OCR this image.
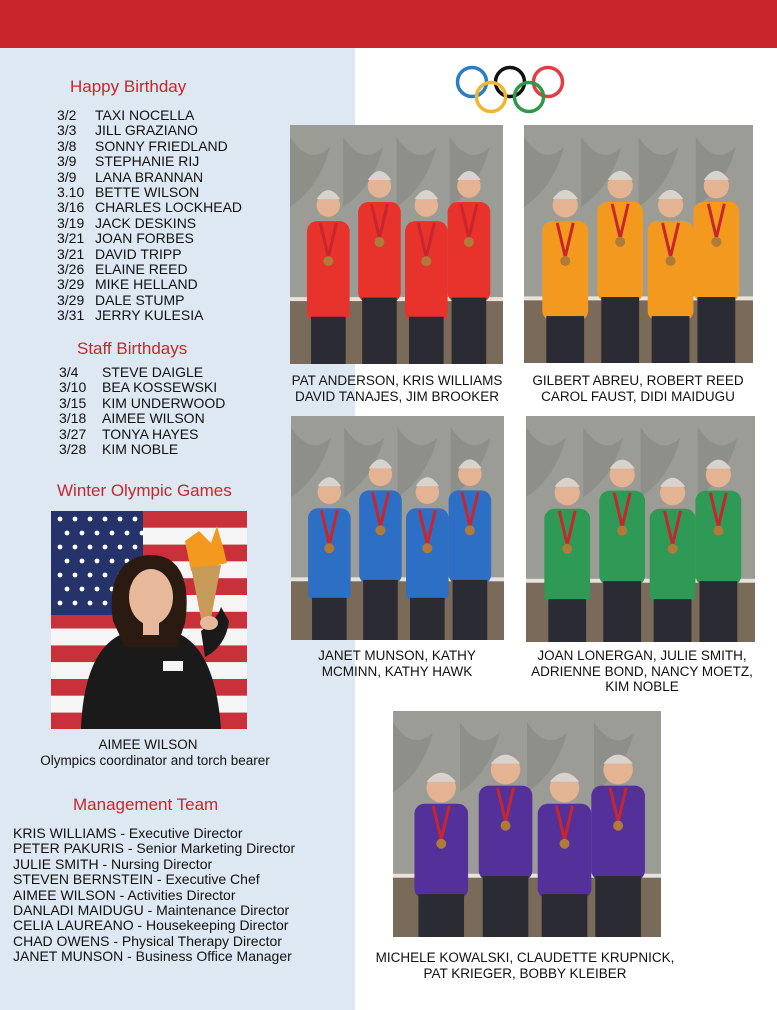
Happy Birthday
3/2	TAXI NOCELLA
3/3	JILL GRAZIANO
3/8	SONNY FRIEDLAND
3/9	STEPHANIE RIJ
3/9	LANA BRANNAN
3.10 BETTE WILSON
3/16 CHARLES LOCKHEAD
3/19 JACK DESKINS
3/21 JOAN FORBES
3/21 DAVID TRIPP
3/26 ELAINE REED
3/29 MIKE HELLAND
3/29 DALE STUMP
3/31 JERRY KULESIA
Staff Birthdays
3/4	STEVE DAIGLE
3/10	BEA KOSSEWSKI
3/15	KIM UNDERWOOD
3/18	AIMEE WILSON
3/27	TONYA HAYES
3/28	KIM NOBLE
Winter Olympic Games
AIMEE WILSON
Olympics coordinator and torch bearer
Management Team
KRIS WILLIAMS - Executive Director
PETER PAKURIS - Senior Marketing Director
JULIE SMITH - Nursing Director
STEVEN BERNSTEIN - Executive Chef
AIMEE WILSON - Activities Director
DANLADI MAIDUGU - Maintenance Director
CELIA LAUREANO - Housekeeping Director
CHAD OWENS - Physical Therapy Director
JANET MUNSON - Business Office Manager
PAT ANDERSON, KRIS WILLIAMS
DAVID TANAJES, JIM BROOKER
GILBERT ABREU, ROBERT REED
CAROL FAUST, DIDI MAIDUGU
JANET MUNSON, KATHY
MCMINN, KATHY HAWK
JOAN LONERGAN, JULIE SMITH,
ADRIENNE BOND, NANCY MOETZ,
KIM NOBLE
MICHELE KOWALSKI, CLAUDETTE KRUPNICK,
PAT KRIEGER, BOBBY KLEIBER
